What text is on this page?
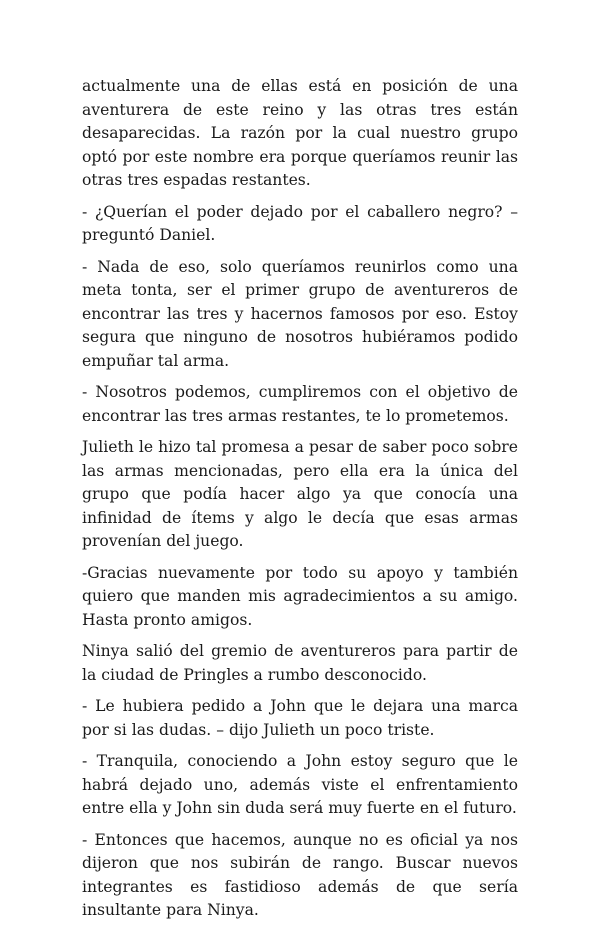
actualmente una de ellas está en posición de una aventurera de este reino y las otras tres están desaparecidas. La razón por la cual nuestro grupo optó por este nombre era porque queríamos reunir las otras tres espadas restantes.

- ¿Querían el poder dejado por el caballero negro? – preguntó Daniel.

- Nada de eso, solo queríamos reunirlos como una meta tonta, ser el primer grupo de aventureros de encontrar las tres y hacernos famosos por eso. Estoy segura que ninguno de nosotros hubiéramos podido empuñar tal arma.

- Nosotros podemos, cumpliremos con el objetivo de encontrar las tres armas restantes, te lo prometemos.

Julieth le hizo tal promesa a pesar de saber poco sobre las armas mencionadas, pero ella era la única del grupo que podía hacer algo ya que conocía una infinidad de ítems y algo le decía que esas armas provenían del juego.

-Gracias nuevamente por todo su apoyo y también quiero que manden mis agradecimientos a su amigo. Hasta pronto amigos.

Ninya salió del gremio de aventureros para partir de la ciudad de Pringles a rumbo desconocido.

- Le hubiera pedido a John que le dejara una marca por si las dudas. – dijo Julieth un poco triste.

- Tranquila, conociendo a John estoy seguro que le habrá dejado uno, además viste el enfrentamiento entre ella y John sin duda será muy fuerte en el futuro.

- Entonces que hacemos, aunque no es oficial ya nos dijeron que nos subirán de rango. Buscar nuevos integrantes es fastidioso además de que sería insultante para Ninya.
